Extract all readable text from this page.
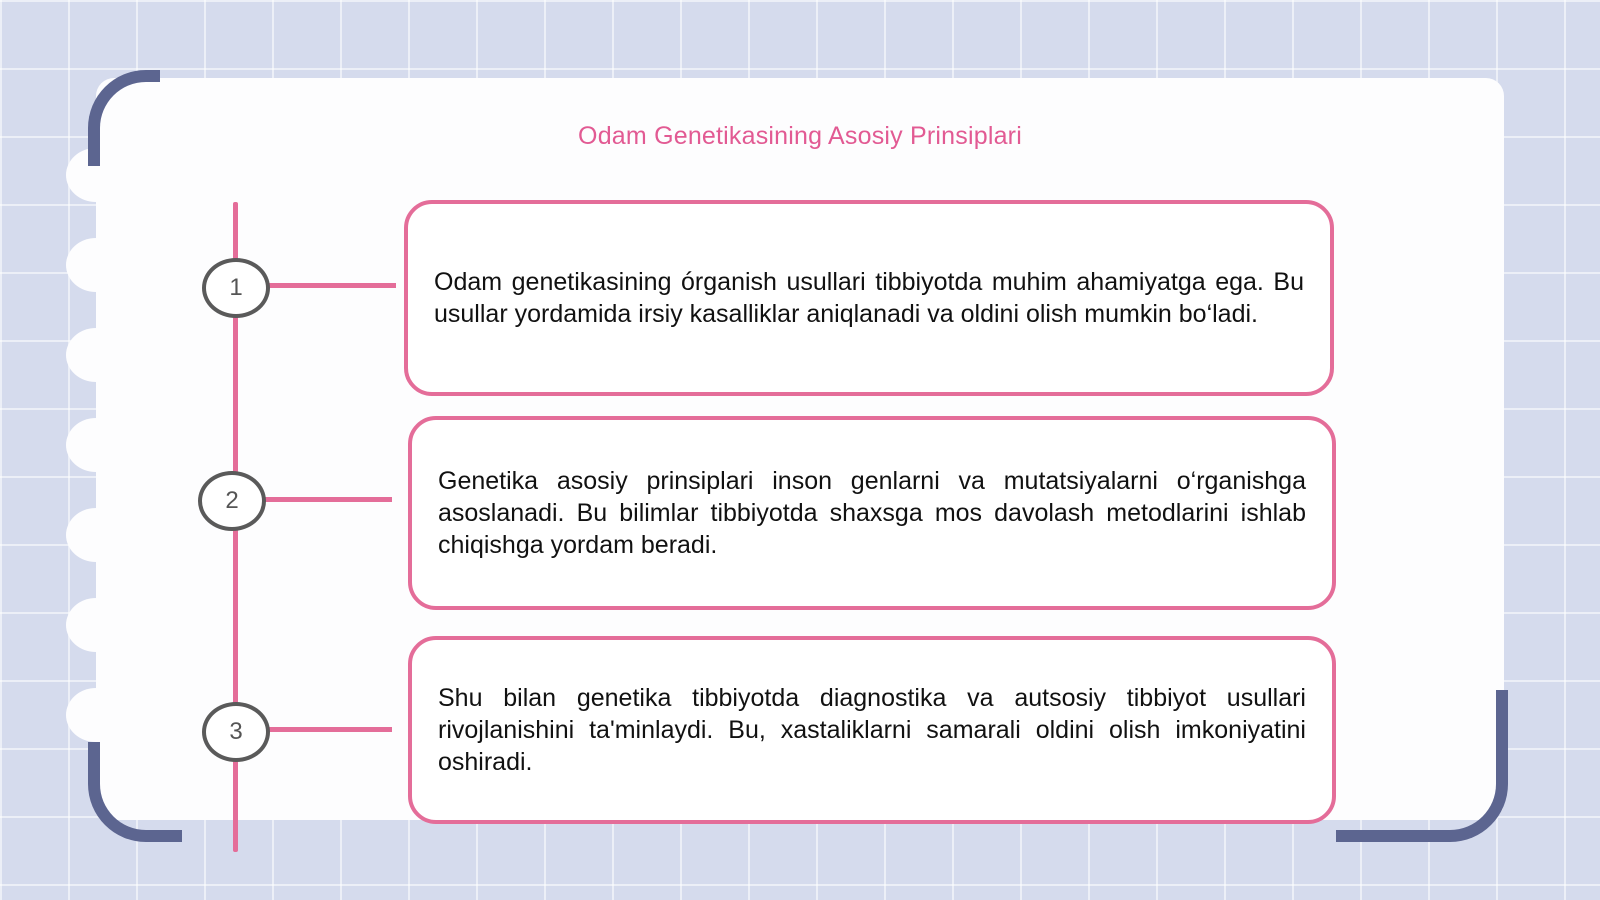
Odam Genetikasining Asosiy Prinsiplari
1	Odam genetikasining órganish usullari tibbiyotda muhim ahamiyatga ega. Bu usullar yordamida irsiy kasalliklar aniqlanadi va oldini olish mumkin bo‘ladi.
2
Genetika asosiy prinsiplari inson genlarni va mutatsiyalarni o‘rganishga asoslanadi. Bu bilimlar tibbiyotda shaxsga mos davolash metodlarini ishlab chiqishga yordam beradi.
3
Shu bilan genetika tibbiyotda diagnostika va autsosiy tibbiyot usullari rivojlanishini ta'minlaydi. Bu, xastaliklarni samarali oldini olish imkoniyatini oshiradi.
